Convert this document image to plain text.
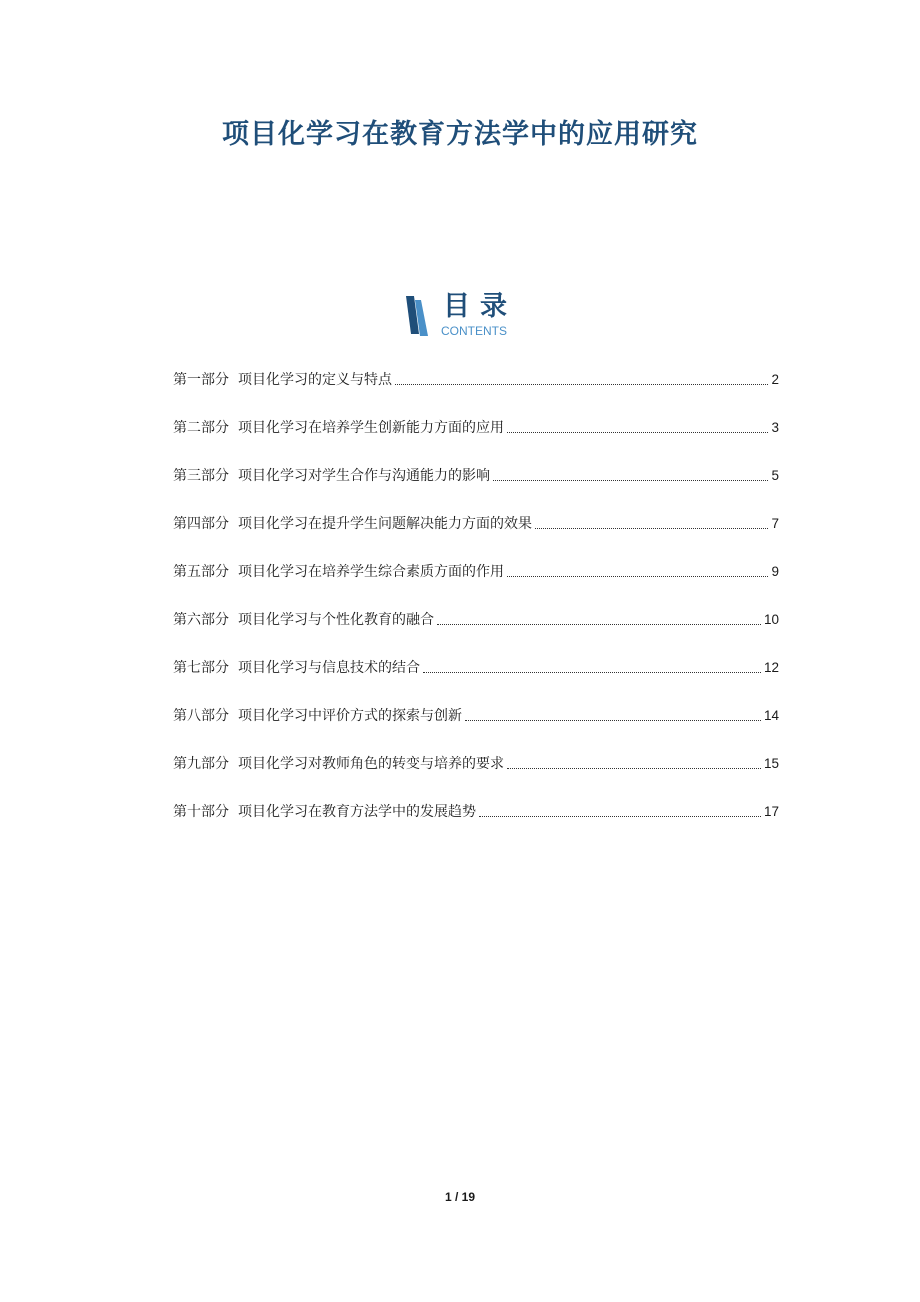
项目化学习在教育方法学中的应用研究
目录
CONTENTS
第一部分 项目化学习的定义与特点	2
第二部分 项目化学习在培养学生创新能力方面的应用	3
第三部分 项目化学习对学生合作与沟通能力的影响	5
第四部分 项目化学习在提升学生问题解决能力方面的效果	7
第五部分 项目化学习在培养学生综合素质方面的作用	9
第六部分 项目化学习与个性化教育的融合	10
第七部分 项目化学习与信息技术的结合	12
第八部分 项目化学习中评价方式的探索与创新	14
第九部分 项目化学习对教师角色的转变与培养的要求	15
第十部分 项目化学习在教育方法学中的发展趋势	17
1 / 19
